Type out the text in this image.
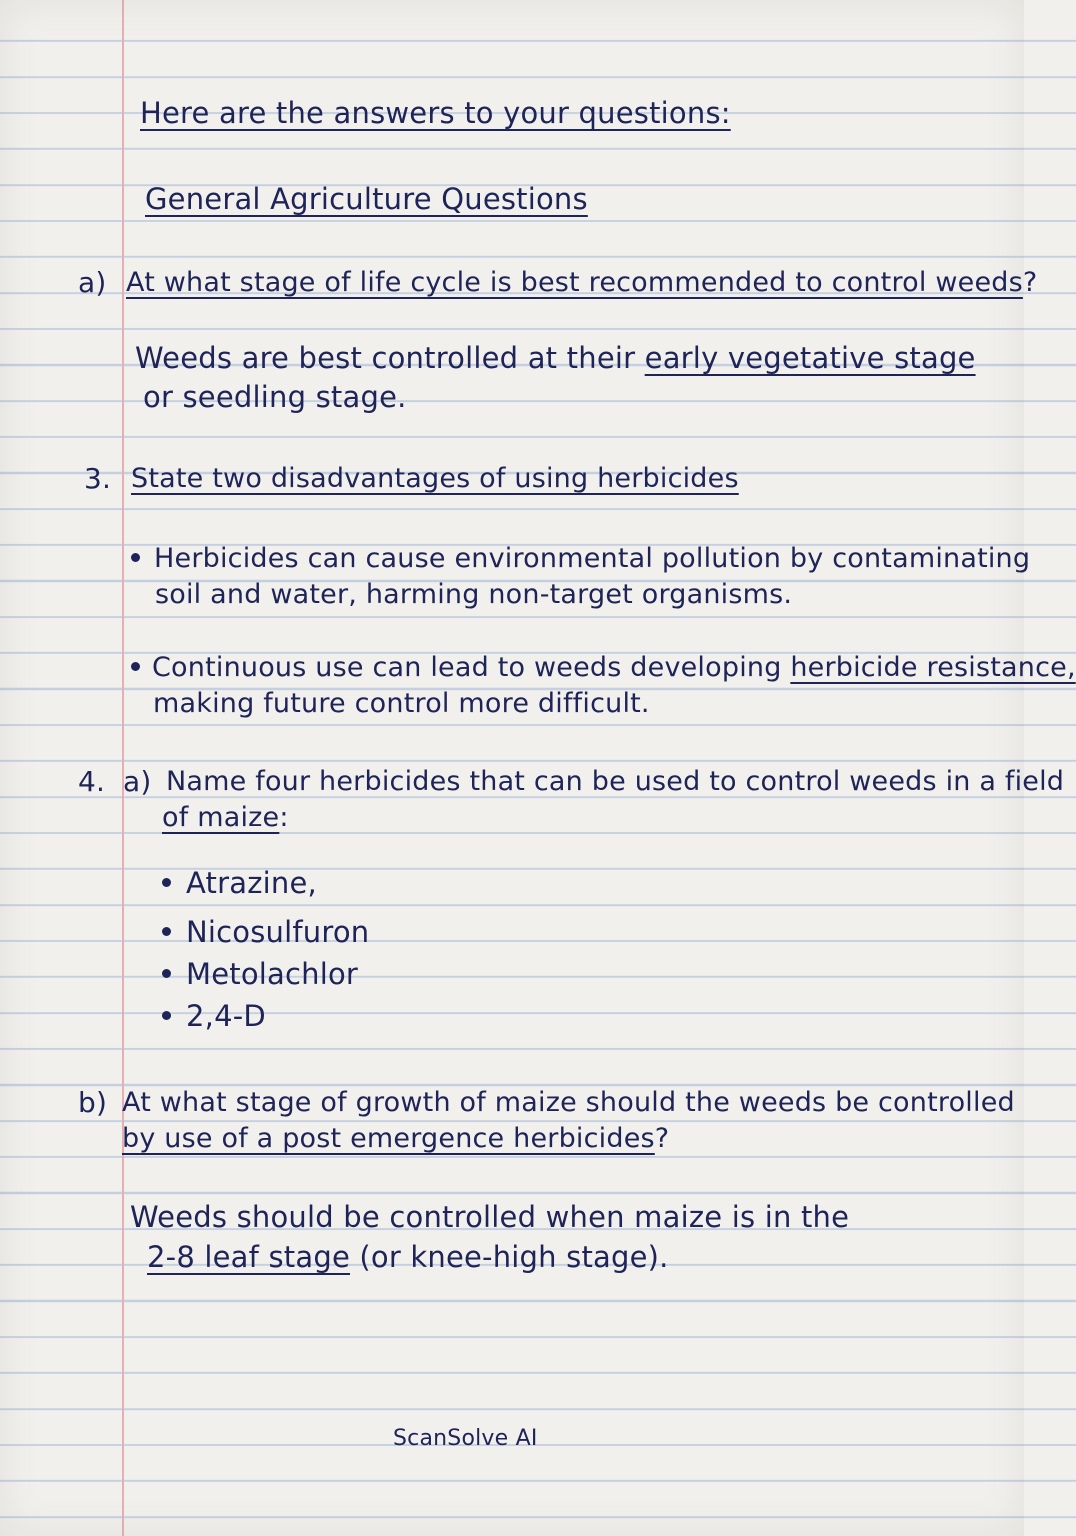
Here are the answers to your questions:
General Agriculture Questions
a) At what stage of life cycle is best recommended to control weeds?
Weeds are best controlled at their early vegetative stage
or seedling stage.
3. State two disadvantages of using herbicides
Herbicides can cause environmental pollution by contaminating
soil and water, harming non-target organisms.
Continuous use can lead to weeds developing herbicide resistance,
making future control more difficult.
4. a) Name four herbicides that can be used to control weeds in a field
of maize:
Atrazine,
Nicosulfuron
Metolachlor
2,4-D
b) At what stage of growth of maize should the weeds be controlled
by use of a post emergence herbicides?
Weeds should be controlled when maize is in the
2-8 leaf stage (or knee-high stage).
ScanSolve AI
